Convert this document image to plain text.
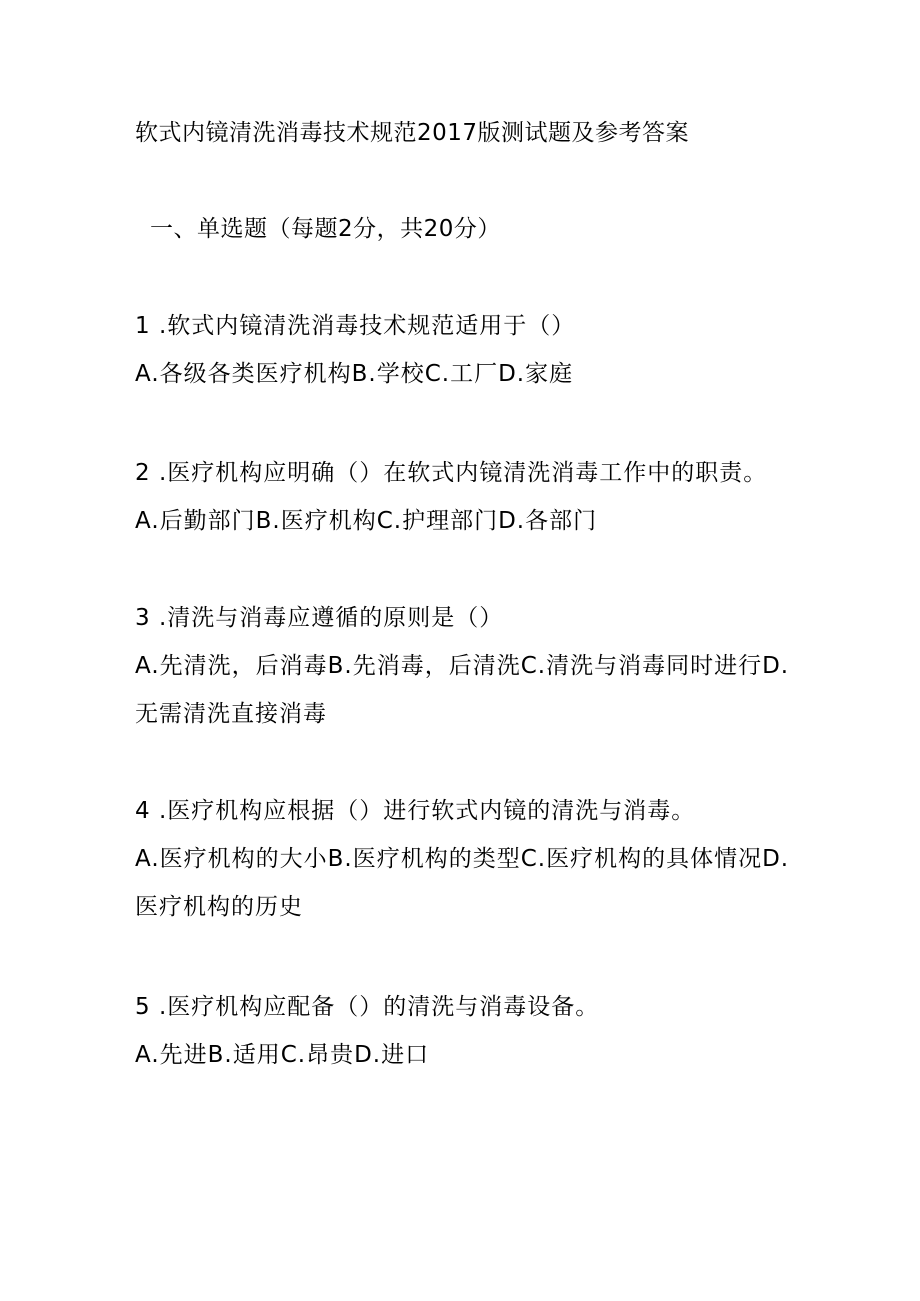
软式内镜清洗消毒技术规范2017版测试题及参考答案
一、单选题（每题2分，共20分）
1 .软式内镜清洗消毒技术规范适用于（）
A.各级各类医疗机构B.学校C.工厂D.家庭
2 .医疗机构应明确（）在软式内镜清洗消毒工作中的职责。
A.后勤部门B.医疗机构C.护理部门D.各部门
3 .清洗与消毒应遵循的原则是（）
A.先清洗，后消毒B.先消毒，后清洗C.清洗与消毒同时进行D.无需清洗直接消毒
4 .医疗机构应根据（）进行软式内镜的清洗与消毒。
A.医疗机构的大小B.医疗机构的类型C.医疗机构的具体情况D.医疗机构的历史
5 .医疗机构应配备（）的清洗与消毒设备。
A.先进B.适用C.昂贵D.进口
